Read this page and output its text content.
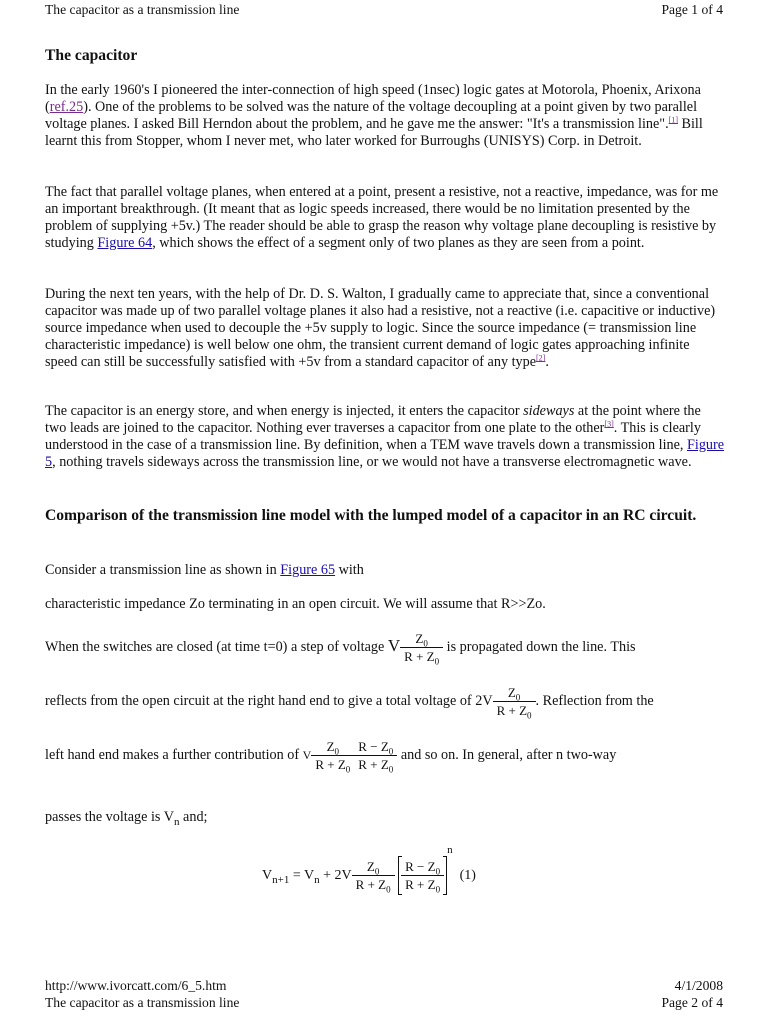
The capacitor as a transmission line	Page 1 of 4
The capacitor

In the early 1960's I pioneered the inter-connection of high speed (1nsec) logic gates at Motorola, Phoenix, Arixona (ref.25). One of the problems to be solved was the nature of the voltage decoupling at a point given by two parallel voltage planes. I asked Bill Herndon about the problem, and he gave me the answer: "It's a transmission line".[1] Bill learnt this from Stopper, whom I never met, who later worked for Burroughs (UNISYS) Corp. in Detroit.

The fact that parallel voltage planes, when entered at a point, present a resistive, not a reactive, impedance, was for me an important breakthrough. (It meant that as logic speeds increased, there would be no limitation presented by the problem of supplying +5v.) The reader should be able to grasp the reason why voltage plane decoupling is resistive by studying Figure 64, which shows the effect of a segment only of two planes as they are seen from a point.

During the next ten years, with the help of Dr. D. S. Walton, I gradually came to appreciate that, since a conventional capacitor was made up of two parallel voltage planes it also had a resistive, not a reactive (i.e. capacitive or inductive) source impedance when used to decouple the +5v supply to logic. Since the source impedance (= transmission line characteristic impedance) is well below one ohm, the transient current demand of logic gates approaching infinite speed can still be successfully satisfied with +5v from a standard capacitor of any type[2].

The capacitor is an energy store, and when energy is injected, it enters the capacitor sideways at the point where the two leads are joined to the capacitor. Nothing ever traverses a capacitor from one plate to the other[3]. This is clearly understood in the case of a transmission line. By definition, when a TEM wave travels down a transmission line, Figure 5, nothing travels sideways across the transmission line, or we would not have a transverse electromagnetic wave.

Comparison of the transmission line model with the lumped model of a capacitor in an RC circuit.

Consider a transmission line as shown in Figure 65 with

characteristic impedance Zo terminating in an open circuit. We will assume that R>>Zo.

When the switches are closed (at time t=0) a step of voltage V $\frac{Z_0}{R + Z_0}$ is propagated down the line. This
reflects from the open circuit at the right hand end to give a total voltage of $2V \frac{Z_0}{R + Z_0}$ . Reflection from the
left hand end makes a further contribution of V $\frac{Z_0}{R + Z_0} \frac{R - Z_0}{R + Z_0}$ and so on. In general, after n two-way
passes the voltage is $V_n$ and;
$V_{n+1} = V_n + 2V \frac{Z_0}{R + Z_0}$
$\frac{R - Z_0}{R + Z_0}$
$^n$  (1)
http://www.ivorcatt.com/6_5.htm	4/1/2008
The capacitor as a transmission line	Page 2 of 4
